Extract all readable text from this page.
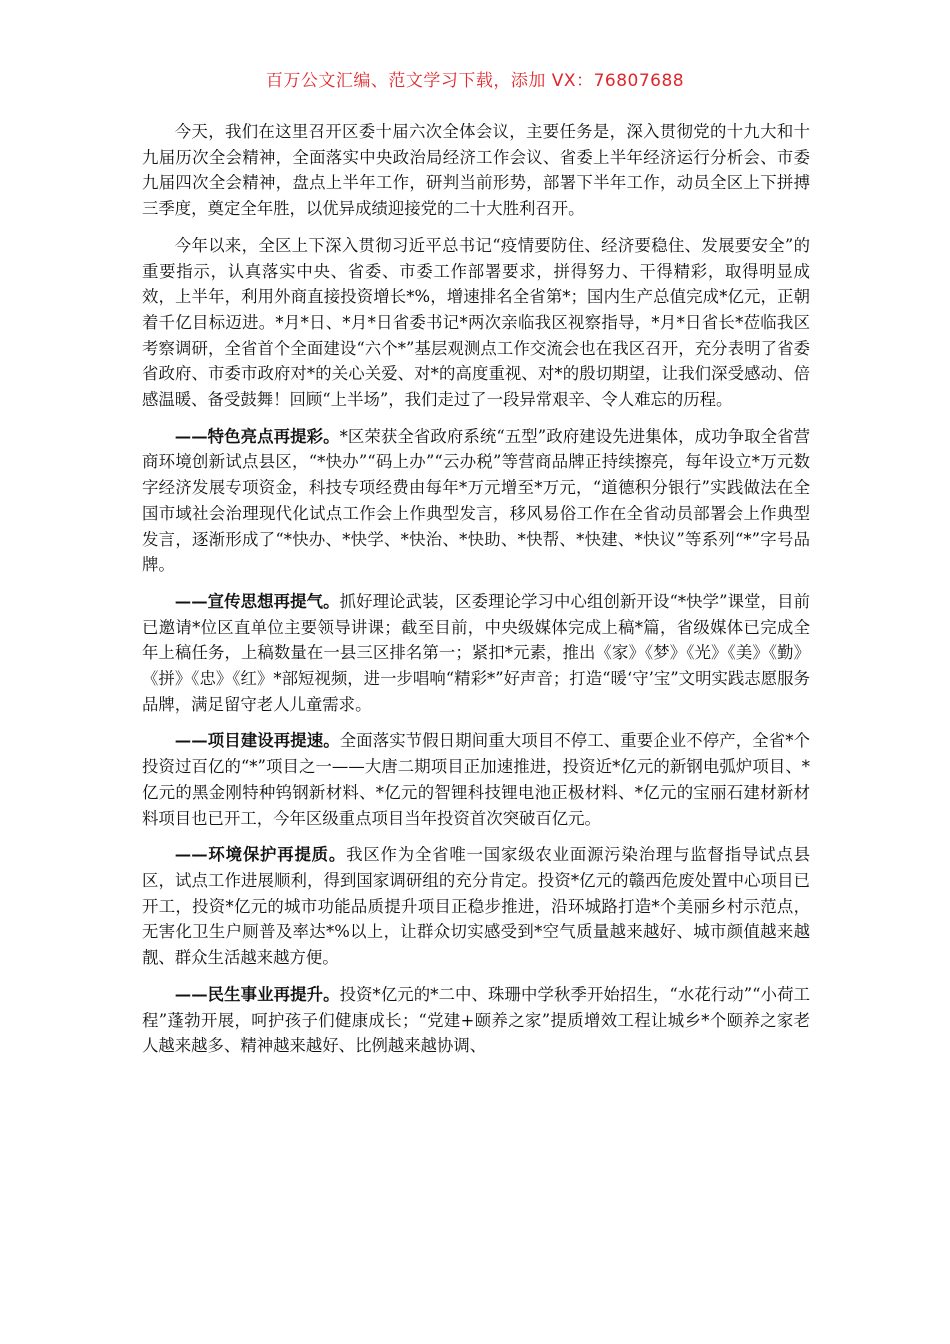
百万公文汇编、范文学习下载，添加 VX：76807688

今天，我们在这里召开区委十届六次全体会议，主要任务是，深入贯彻党的十九大和十九届历次全会精神，全面落实中央政治局经济工作会议、省委上半年经济运行分析会、市委九届四次全会精神，盘点上半年工作，研判当前形势，部署下半年工作，动员全区上下拼搏三季度，奠定全年胜，以优异成绩迎接党的二十大胜利召开。

今年以来，全区上下深入贯彻习近平总书记“疫情要防住、经济要稳住、发展要安全”的重要指示，认真落实中央、省委、市委工作部署要求，拼得努力、干得精彩，取得明显成效，上半年，利用外商直接投资增长*%，增速排名全省第*；国内生产总值完成*亿元，正朝着千亿目标迈进。*月*日、*月*日省委书记*两次亲临我区视察指导，*月*日省长*莅临我区考察调研，全省首个全面建设“六个*”基层观测点工作交流会也在我区召开，充分表明了省委省政府、市委市政府对*的关心关爱、对*的高度重视、对*的殷切期望，让我们深受感动、倍感温暖、备受鼓舞！回顾“上半场”，我们走过了一段异常艰辛、令人难忘的历程。

——特色亮点再提彩。*区荣获全省政府系统“五型”政府建设先进集体，成功争取全省营商环境创新试点县区，“*快办”“码上办”“云办税”等营商品牌正持续擦亮，每年设立*万元数字经济发展专项资金，科技专项经费由每年*万元增至*万元，“道德积分银行”实践做法在全国市域社会治理现代化试点工作会上作典型发言，移风易俗工作在全省动员部署会上作典型发言，逐渐形成了“*快办、*快学、*快治、*快助、*快帮、*快建、*快议”等系列“*”字号品牌。

——宣传思想再提气。抓好理论武装，区委理论学习中心组创新开设“*快学”课堂，目前已邀请*位区直单位主要领导讲课；截至目前，中央级媒体完成上稿*篇，省级媒体已完成全年上稿任务，上稿数量在一县三区排名第一；紧扣*元素，推出《家》《梦》《光》《美》《勤》《拼》《忠》《红》*部短视频，进一步唱响“精彩*”好声音；打造“暖‘守’宝”文明实践志愿服务品牌，满足留守老人儿童需求。

——项目建设再提速。全面落实节假日期间重大项目不停工、重要企业不停产，全省*个投资过百亿的“*”项目之一——大唐二期项目正加速推进，投资近*亿元的新钢电弧炉项目、*亿元的黑金刚特种钨钢新材料、*亿元的智锂科技锂电池正极材料、*亿元的宝丽石建材新材料项目也已开工，今年区级重点项目当年投资首次突破百亿元。

——环境保护再提质。我区作为全省唯一国家级农业面源污染治理与监督指导试点县区，试点工作进展顺利，得到国家调研组的充分肯定。投资*亿元的赣西危废处置中心项目已开工，投资*亿元的城市功能品质提升项目正稳步推进，沿环城路打造*个美丽乡村示范点，无害化卫生户厕普及率达*%以上，让群众切实感受到*空气质量越来越好、城市颜值越来越靓、群众生活越来越方便。

——民生事业再提升。投资*亿元的*二中、珠珊中学秋季开始招生，“水花行动”“小荷工程”蓬勃开展，呵护孩子们健康成长；“党建+颐养之家”提质增效工程让城乡*个颐养之家老人越来越多、精神越来越好、比例越来越协调、
